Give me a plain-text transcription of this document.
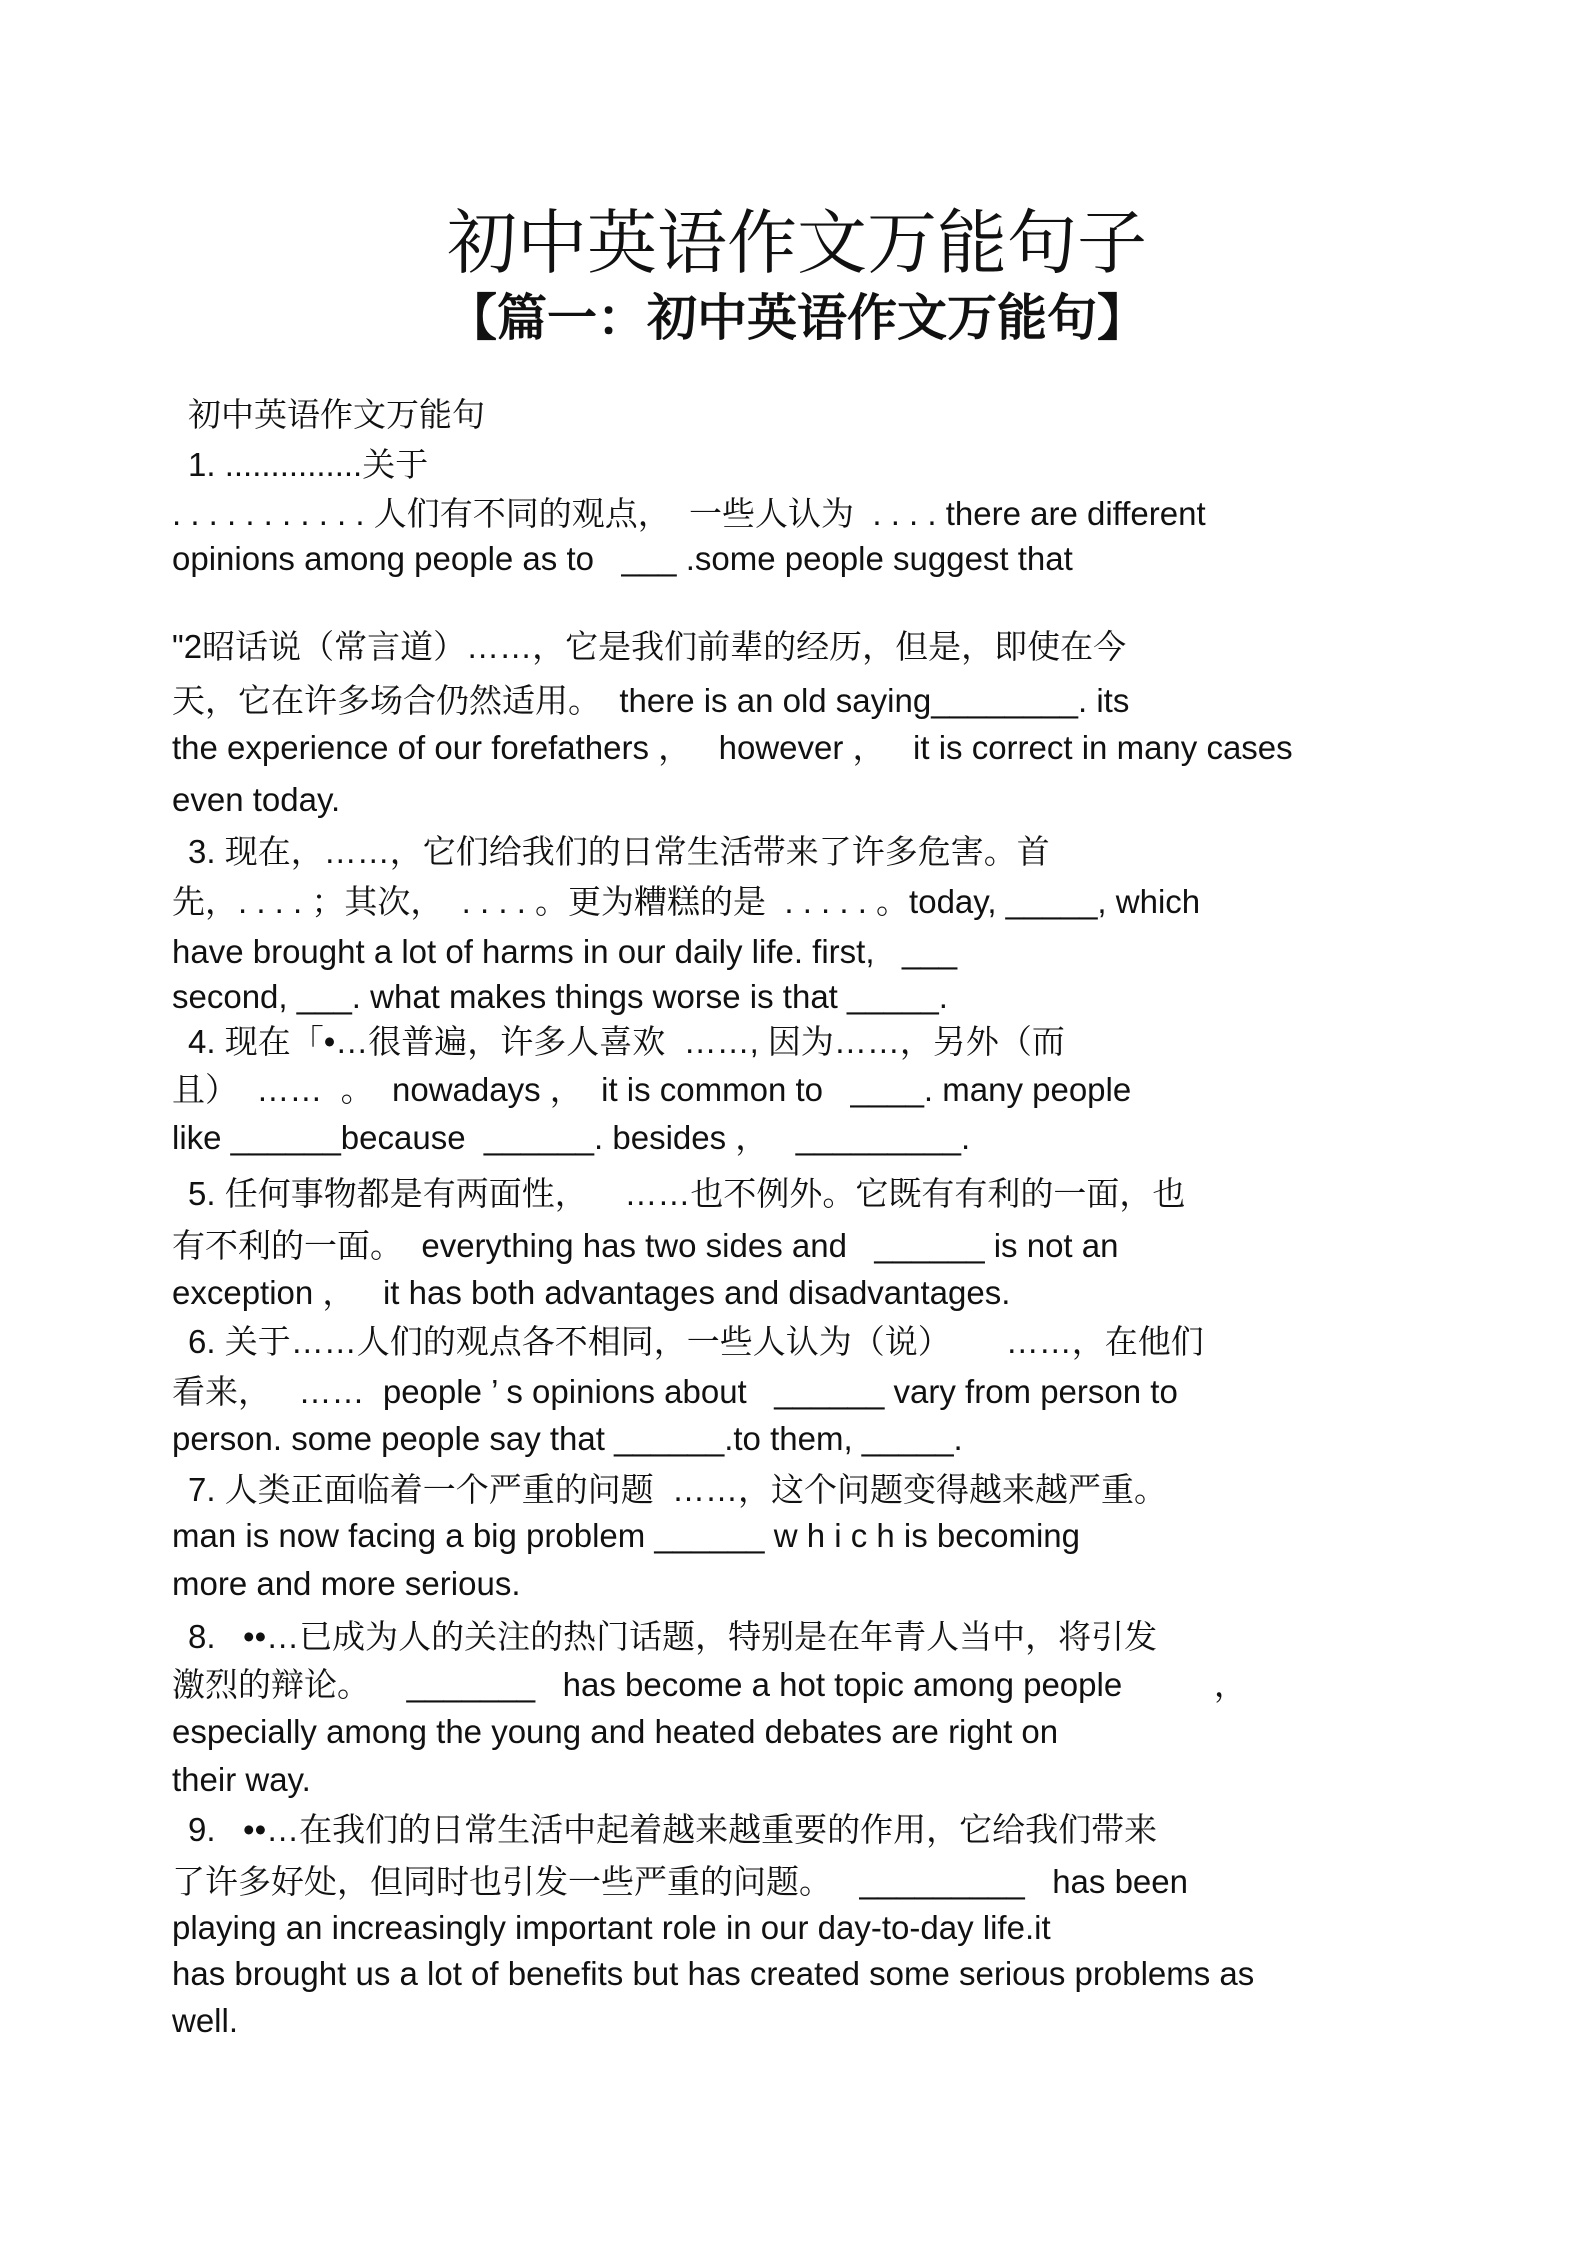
初中英语作文万能句子
【篇一：初中英语作文万能句】
初中英语作文万能句
1. ...............关于
. . . . . . . . . . . 人们有不同的观点，  一些人认为  . . . . there are different
opinions among people as to   ___ .some people suggest that
"2昭话说（常言道）……，它是我们前辈的经历，但是，即使在今
天，它在许多场合仍然适用。  there is an old saying________. its
the experience of our forefathers ，   however ，   it is correct in many cases
even today.
3. 现在，……，它们给我们的日常生活带来了许多危害。首
先，. . . . ；其次，  . . . . 。更为糟糕的是  . . . . . 。today, _____, which
have brought a lot of harms in our daily life. first,   ___
second, ___. what makes things worse is that _____.
4. 现在「•…很普遍，许多人喜欢  ……, 因为……，另外（而
且）  ……  。  nowadays ，  it is common to   ____. many people
like ______because  ______. besides ，   _________.
5. 任何事物都是有两面性，    ……也不例外。它既有有利的一面，也
有不利的一面。  everything has two sides and   ______ is not an
exception ，   it has both advantages and disadvantages.
6. 关于……人们的观点各不相同，一些人认为（说）      ……，在他们
看来，   ……  people ’ s opinions about   ______ vary from person to
person. some people say that ______.to them, _____.
7. 人类正面临着一个严重的问题  ……，这个问题变得越来越严重。
man is now facing a big problem ______ w h i c h is becoming
more and more serious.
8.   ••…已成为人的关注的热门话题，特别是在年青人当中，将引发
激烈的辩论。    _______   has become a hot topic among people          ，
especially among the young and heated debates are right on
their way.
9.   ••…在我们的日常生活中起着越来越重要的作用，它给我们带来
了许多好处，但同时也引发一些严重的问题。   _________   has been
playing an increasingly important role in our day-to-day life.it
has brought us a lot of benefits but has created some serious problems as
well.
